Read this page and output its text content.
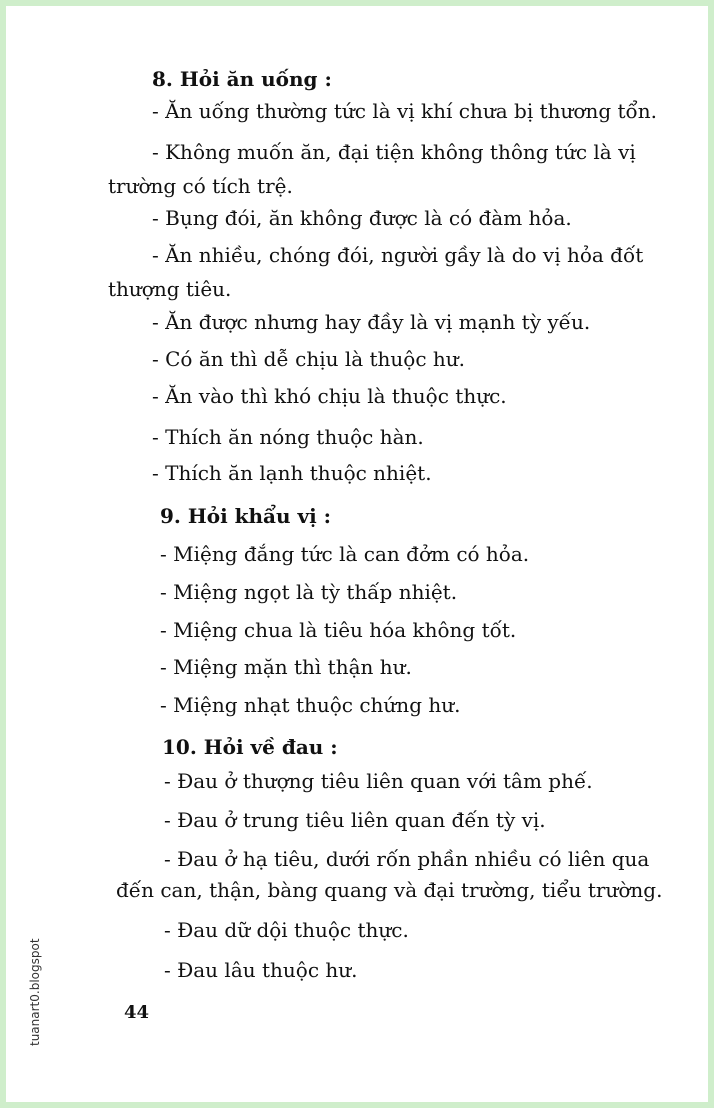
tuanart0.blogspot
8. Hỏi ăn uống :
- Ăn uống thường tức là vị khí chưa bị thương tổn.
- Không muốn ăn, đại tiện không thông tức là vị
trường có tích trệ.
- Bụng đói, ăn không được là có đàm hỏa.
- Ăn nhiều, chóng đói, người gầy là do vị hỏa đốt
thượng tiêu.
- Ăn được nhưng hay đầy là vị mạnh tỳ yếu.
- Có ăn thì dễ chịu là thuộc hư.
- Ăn vào thì khó chịu là thuộc thực.
- Thích ăn nóng thuộc hàn.
- Thích ăn lạnh thuộc nhiệt.
9. Hỏi khẩu vị :
- Miệng đắng tức là can đởm có hỏa.
- Miệng ngọt là tỳ thấp nhiệt.
- Miệng chua là tiêu hóa không tốt.
- Miệng mặn thì thận hư.
- Miệng nhạt thuộc chứng hư.
10. Hỏi về đau :
- Đau ở thượng tiêu liên quan với tâm phế.
- Đau ở trung tiêu liên quan đến tỳ vị.
- Đau ở hạ tiêu, dưới rốn phần nhiều có liên qua
đến can, thận, bàng quang và đại trường, tiểu trường.
- Đau dữ dội thuộc thực.
- Đau lâu thuộc hư.
44
